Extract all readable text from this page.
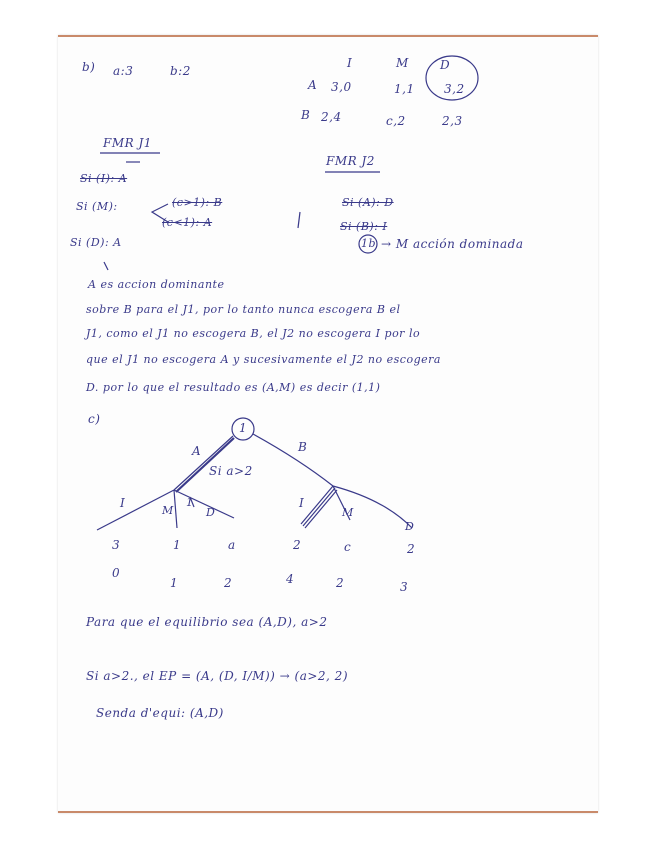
b) a:3	b:2
I	M	D
A 3,0	1,1 3,2
B 2,4	c,2	2,3
FMR J1
Si (I): A
Si (M):	(c>1): B
(c<1): A
Si (D): A
FMR J2
Si (A): D
Si (B): I
1b → M acción dominada
A es accion dominante
sobre B para el J1, por lo tanto nunca escogera B el
J1, como el J1 no escogera B, el J2 no escogera I por lo
que el J1 no escogera A y sucesivamente el J2 no escogera
D. por lo que el resultado es (A,M) es decir (1,1)
c)
1
A	B
Si a>2
I
M	D
1	I
M
D
3	1	a	2	c	2
0
1	2	4	2	3
Para que el equilibrio sea (A,D), a>2
Si a>2., el EP = (A, (D, I/M)) → (a>2, 2)
Senda d'equi: (A,D)
